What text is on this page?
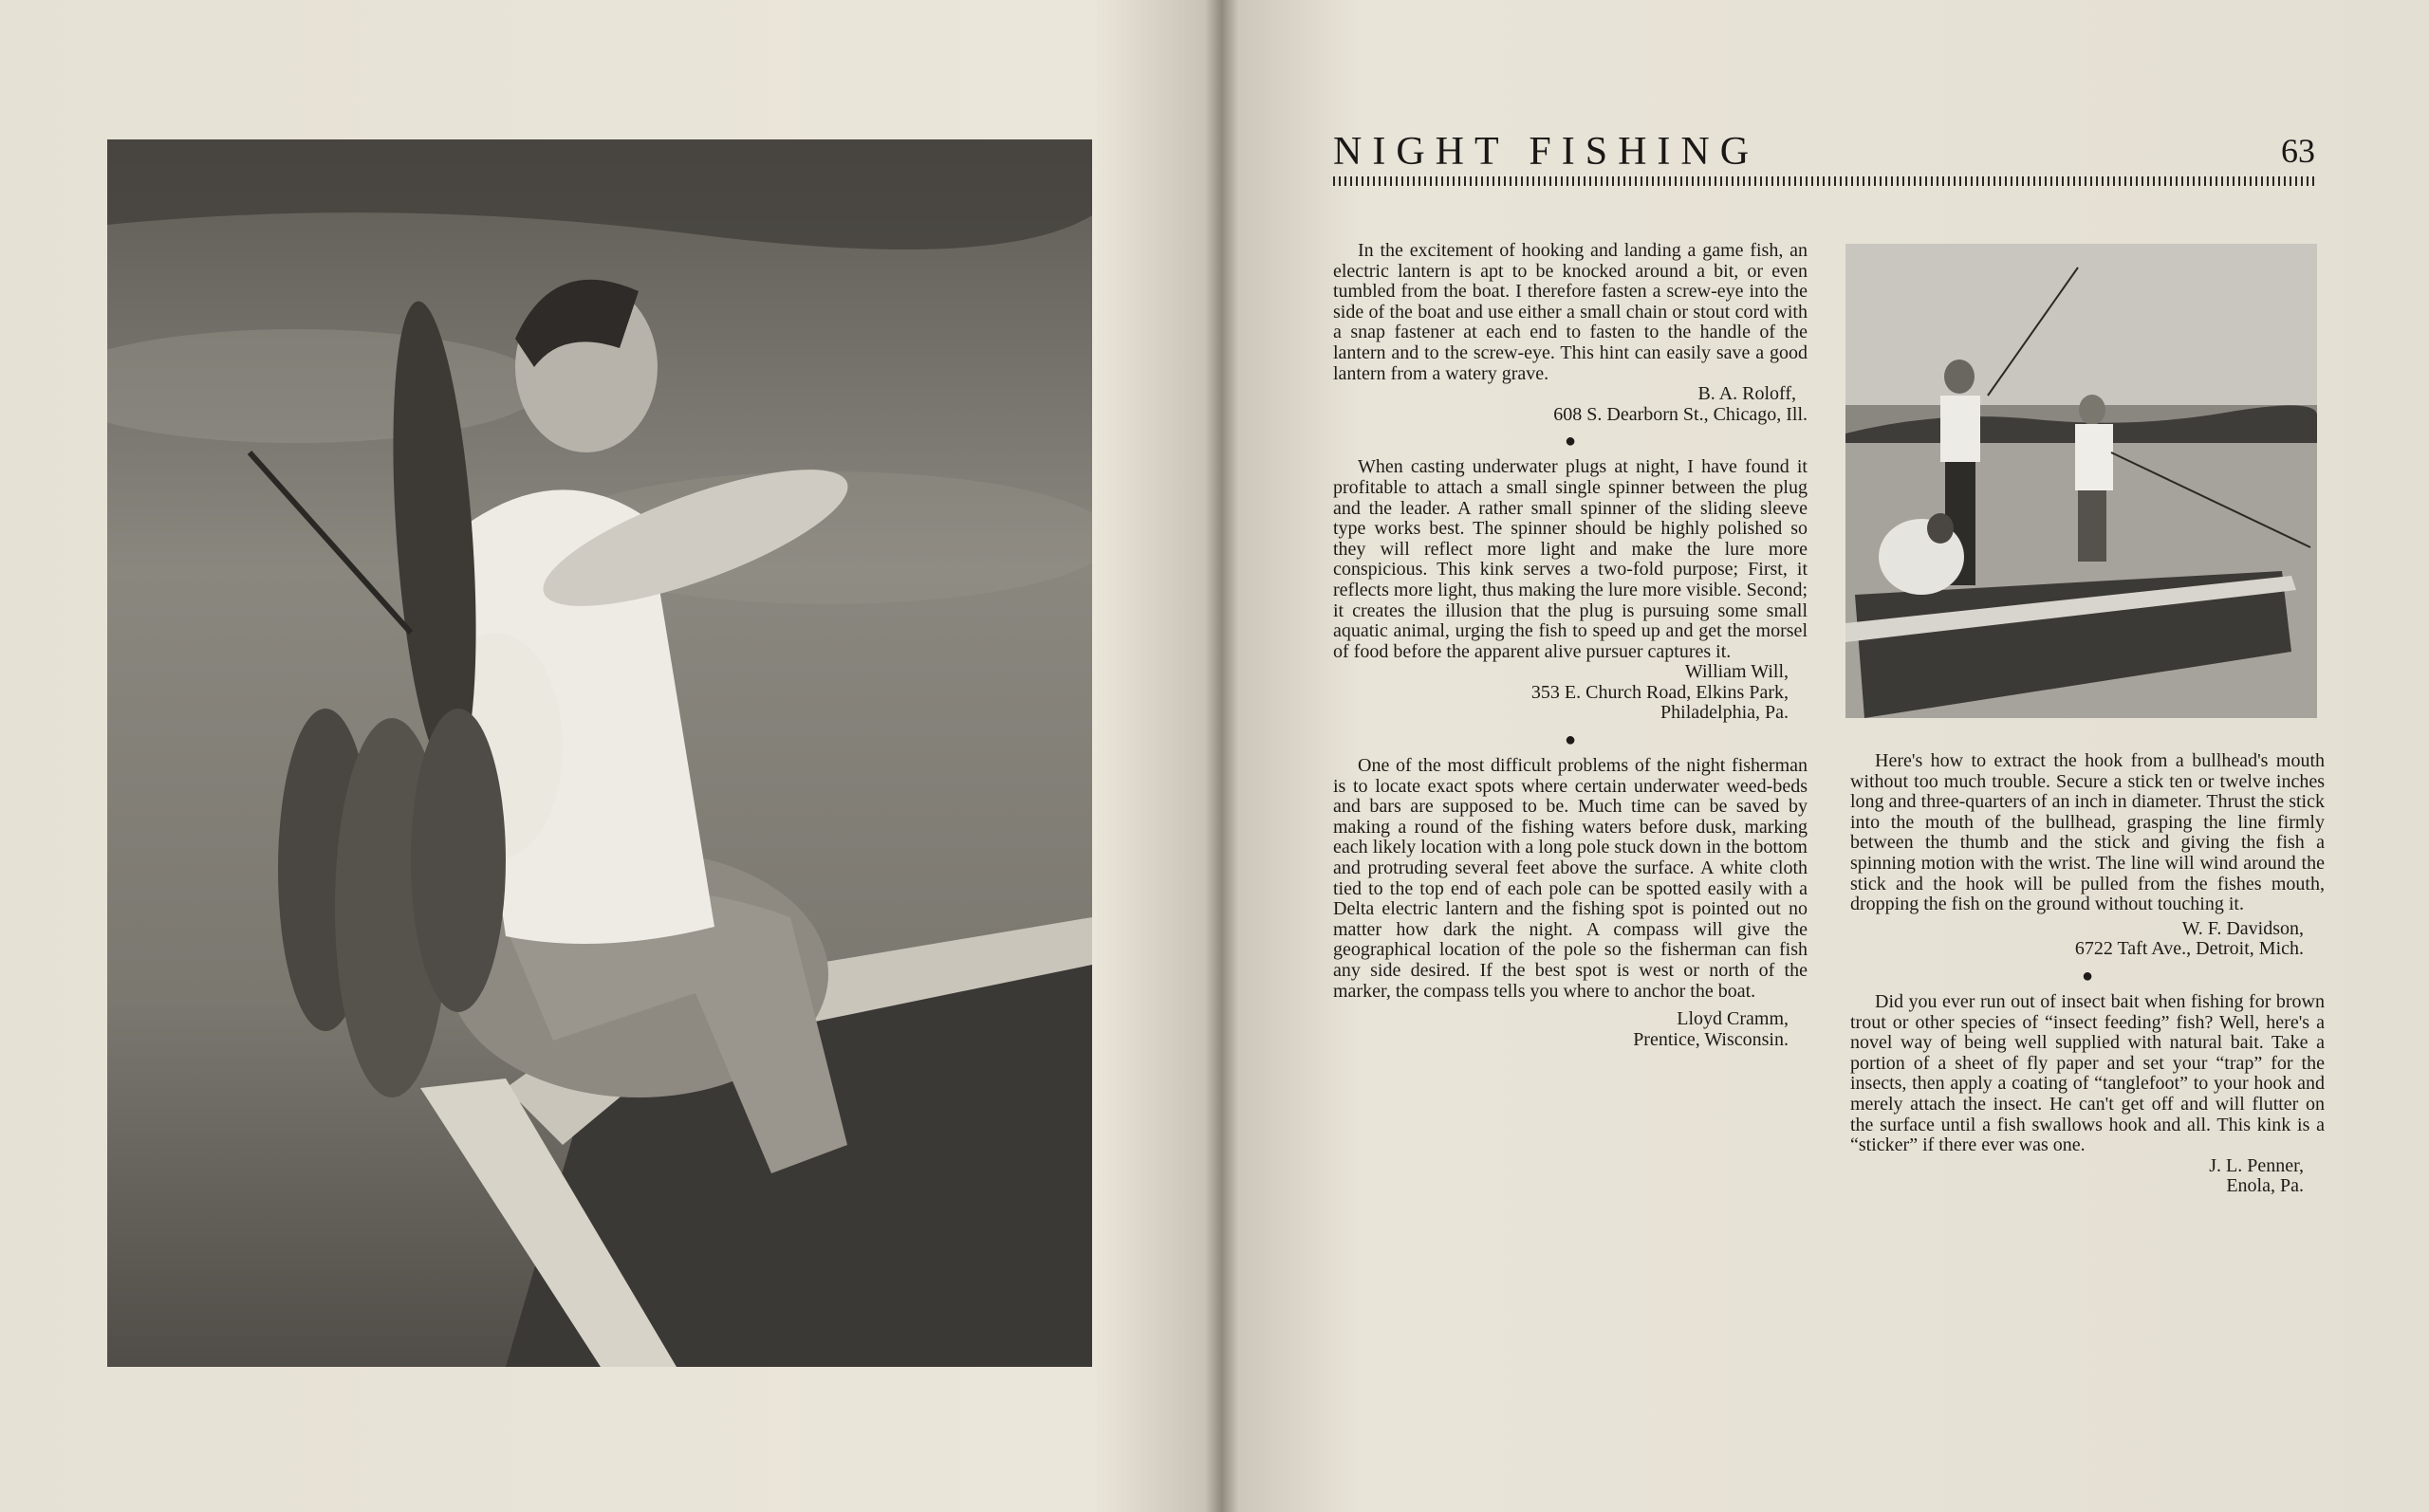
NIGHT FISHING	63

In the excitement of hooking and landing a game fish, an electric lantern is apt to be knocked around a bit, or even tumbled from the boat. I therefore fasten a screw-eye into the side of the boat and use either a small chain or stout cord with a snap fastener at each end to fasten to the handle of the lantern and to the screw-eye. This hint can easily save a good lantern from a watery grave.

B. A. Roloff,
608 S. Dearborn St., Chicago, Ill.
●

When casting underwater plugs at night, I have found it profitable to attach a small single spinner between the plug and the leader. A rather small spinner of the sliding sleeve type works best. The spinner should be highly polished so they will reflect more light and make the lure more conspicious. This kink serves a two-fold purpose; First, it reflects more light, thus making the lure more visible. Second; it creates the illusion that the plug is pursuing some small aquatic animal, urging the fish to speed up and get the morsel of food before the apparent alive pursuer captures it.

William Will,
353 E. Church Road, Elkins Park,
Philadelphia, Pa.
●

One of the most difficult problems of the night fisherman is to locate exact spots where certain underwater weed-beds and bars are supposed to be. Much time can be saved by making a round of the fishing waters before dusk, marking each likely location with a long pole stuck down in the bottom and protruding several feet above the surface. A white cloth tied to the top end of each pole can be spotted easily with a Delta electric lantern and the fishing spot is pointed out no matter how dark the night. A compass will give the geographical location of the pole so the fisherman can fish any side desired. If the best spot is west or north of the marker, the compass tells you where to anchor the boat.

Lloyd Cramm,
Prentice, Wisconsin.

Here's how to extract the hook from a bullhead's mouth without too much trouble. Secure a stick ten or twelve inches long and three-quarters of an inch in diameter. Thrust the stick into the mouth of the bullhead, grasping the line firmly between the thumb and the stick and giving the fish a spinning motion with the wrist. The line will wind around the stick and the hook will be pulled from the fishes mouth, dropping the fish on the ground without touching it.

W. F. Davidson,
6722 Taft Ave., Detroit, Mich.
●

Did you ever run out of insect bait when fishing for brown trout or other species of “insect feeding” fish? Well, here's a novel way of being well supplied with natural bait. Take a portion of a sheet of fly paper and set your “trap” for the insects, then apply a coating of “tanglefoot” to your hook and merely attach the insect. He can't get off and will flutter on the surface until a fish swallows hook and all. This kink is a “sticker” if there ever was one.

J. L. Penner,
Enola, Pa.
